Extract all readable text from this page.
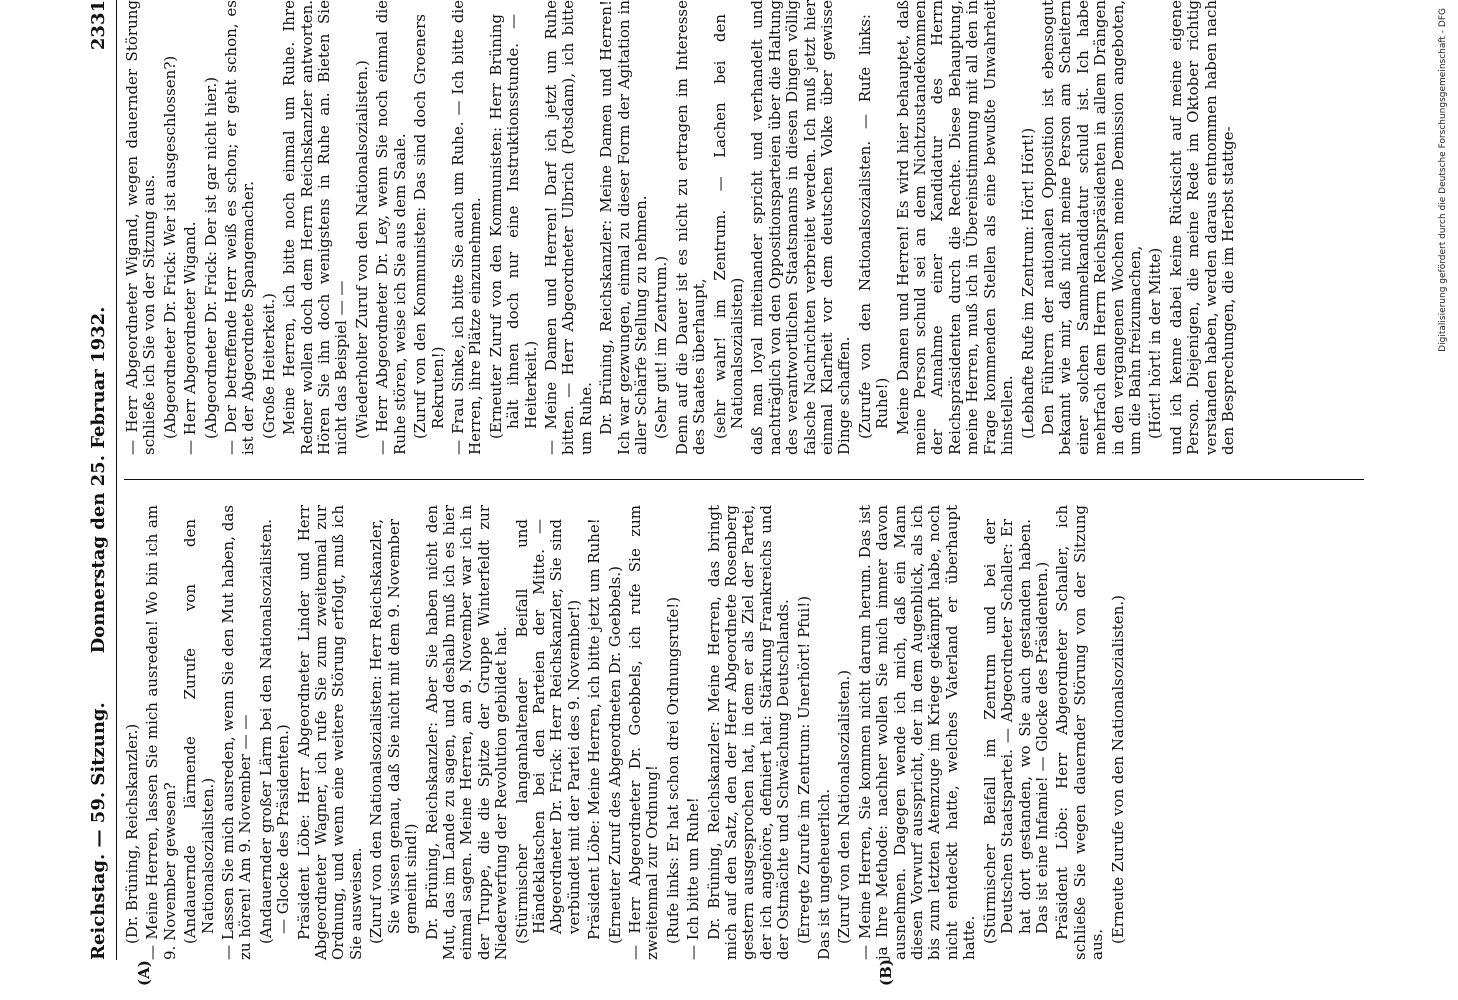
Reichstag. — 59. Sitzung.
Donnerstag den 25. Februar 1932.
2331
(A)	(B)

(Dr. Brüning, Reichskanzler.) — Meine Herren, lassen Sie mich ausreden! Wo bin ich am 9. November gewesen? (Andauernde lärmende Zurufe von den Nationalsozialisten.) — Lassen Sie mich ausreden, wenn Sie den Mut haben, das zu hören! Am 9. November — — (Andauernder großer Lärm bei den Nationalsozialisten. — Glocke des Präsidenten.) Präsident Löbe: Herr Abgeordneter Linder und Herr Abgeordneter Wagner, ich rufe Sie zum zweitenmal zur Ordnung, und wenn eine weitere Störung erfolgt, muß ich Sie ausweisen. (Zuruf von den Nationalsozialisten: Herr Reichskanzler, Sie wissen genau, daß Sie nicht mit dem 9. November gemeint sind!) Dr. Brüning, Reichskanzler: Aber Sie haben nicht den Mut, das im Lande zu sagen, und deshalb muß ich es hier einmal sagen. Meine Herren, am 9. November war ich in der Truppe, die die Spitze der Gruppe Winterfeldt zur Niederwerfung der Revolution gebildet hat. (Stürmischer langanhaltender Beifall und Händeklatschen bei den Parteien der Mitte. — Abgeordneter Dr. Frick: Herr Reichskanzler, Sie sind verbündet mit der Partei des 9. November!) Präsident Löbe: Meine Herren, ich bitte jetzt um Ruhe! (Erneuter Zuruf des Abgeordneten Dr. Goebbels.) — Herr Abgeordneter Dr. Goebbels, ich rufe Sie zum zweitenmal zur Ordnung! (Rufe links: Er hat schon drei Ordnungsrufe!) — Ich bitte um Ruhe! Dr. Brüning, Reichskanzler: Meine Herren, das bringt mich auf den Satz, den der Herr Abgeordnete Rosenberg gestern ausgesprochen hat, in dem er als Ziel der Partei, der ich angehöre, definiert hat: Stärkung Frankreichs und der Ostmächte und Schwächung Deutschlands. (Erregte Zurufe im Zentrum: Unerhört! Pfui!) Das ist ungeheuerlich. (Zuruf von den Nationalsozialisten.) — Meine Herren, Sie kommen nicht darum herum. Das ist ja Ihre Methode: nachher wollen Sie mich immer davon ausnehmen. Dagegen wende ich mich, daß ein Mann diesen Vorwurf ausspricht, der in dem Augenblick, als ich bis zum letzten Atemzuge im Kriege gekämpft habe, noch nicht entdeckt hatte, welches Vaterland er überhaupt hatte. (Stürmischer Beifall im Zentrum und bei der Deutschen Staatspartei. — Abgeordneter Schaller: Er hat dort gestanden, wo Sie auch gestanden haben. Das ist eine Infamie! — Glocke des Präsidenten.) Präsident Löbe: Herr Abgeordneter Schaller, ich schließe Sie wegen dauernder Störung von der Sitzung aus.

(Erneute Zurufe von den Nationalsozialisten.)

— Herr Abgeordneter Wigand, wegen dauernder Störung schließe ich Sie von der Sitzung aus. (Abgeordneter Dr. Frick: Wer ist ausgeschlossen?) — Herr Abgeordneter Wigand. (Abgeordneter Dr. Frick: Der ist gar nicht hier.) — Der betreffende Herr weiß es schon; er geht schon, es ist der Abgeordnete Spangemacher. (Große Heiterkeit.) Meine Herren, ich bitte noch einmal um Ruhe. Ihre Redner wollen doch dem Herrn Reichskanzler antworten. Hören Sie ihn doch wenigstens in Ruhe an. Bieten Sie nicht das Beispiel — — (Wiederholter Zuruf von den Nationalsozialisten.) — Herr Abgeordneter Dr. Ley, wenn Sie noch einmal die Ruhe stören, weise ich Sie aus dem Saale. (Zuruf von den Kommunisten: Das sind doch Groeners Rekruten!) — Frau Sinke, ich bitte Sie auch um Ruhe. — Ich bitte die Herren, ihre Plätze einzunehmen. (Erneuter Zuruf von den Kommunisten: Herr Brüning hält ihnen doch nur eine Instruktionsstunde. — Heiterkeit.) — Meine Damen und Herren! Darf ich jetzt um Ruhe bitten. — Herr Abgeordneter Ulbrich (Potsdam), ich bitte um Ruhe. Dr. Brüning, Reichskanzler: Meine Damen und Herren! Ich war gezwungen, einmal zu dieser Form der Agitation in aller Schärfe Stellung zu nehmen. (Sehr gut! im Zentrum.) Denn auf die Dauer ist es nicht zu ertragen im Interesse des Staates überhaupt, (sehr wahr! im Zentrum. — Lachen bei den Nationalsozialisten) daß man loyal miteinander spricht und verhandelt und nachträglich von den Oppositionsparteien über die Haltung des verantwortlichen Staatsmanns in diesen Dingen völlig falsche Nachrichten verbreitet werden. Ich muß jetzt hier einmal Klarheit vor dem deutschen Volke über gewisse Dinge schaffen. (Zurufe von den Nationalsozialisten. — Rufe links: Ruhe!) Meine Damen und Herren! Es wird hier behauptet, daß meine Person schuld sei an dem Nichtzustandekommen der Annahme einer Kandidatur des Herrn Reichspräsidenten durch die Rechte. Diese Behauptung, meine Herren, muß ich in Übereinstimmung mit all den in Frage kommenden Stellen als eine bewußte Unwahrheit hinstellen. (Lebhafte Rufe im Zentrum: Hört! Hört!) Den Führern der nationalen Opposition ist ebensogut bekannt wie mir, daß nicht meine Person am Scheitern einer solchen Sammelkandidatur schuld ist. Ich habe mehrfach dem Herrn Reichspräsidenten in allem Drängen in den vergangenen Wochen meine Demission angeboten, um die Bahn freizumachen, (Hört! hört! in der Mitte) und ich kenne dabei keine Rücksicht auf meine eigene Person. Diejenigen, die meine Rede im Oktober richtig verstanden haben, werden daraus entnommen haben nach den Besprechungen, die im Herbst stattge-	Digitalisierung gefördert durch die Deutsche Forschungsgemeinschaft - DFG
